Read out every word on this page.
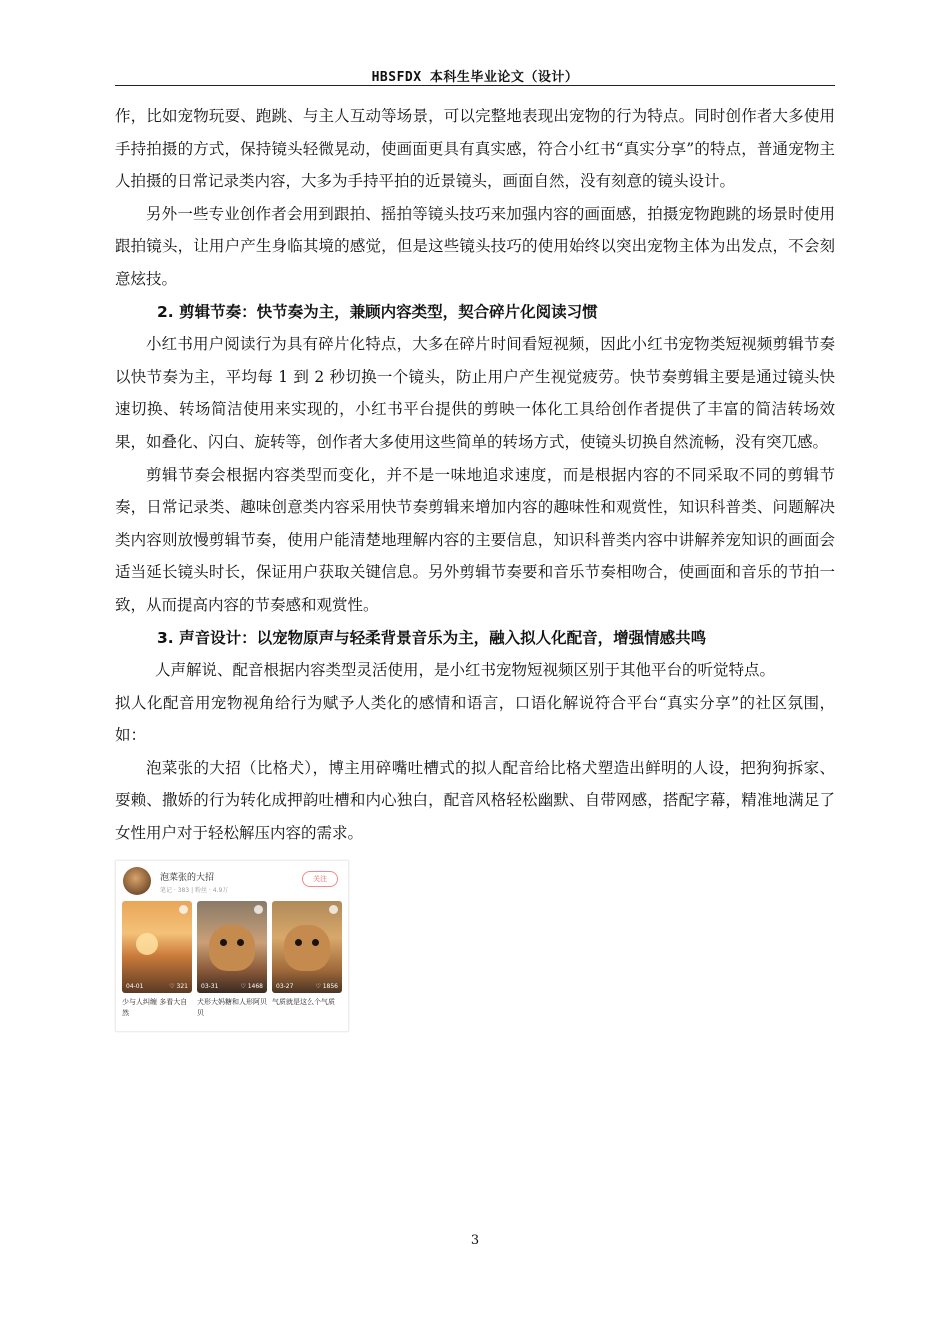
HBSFDX 本科生毕业论文（设计）

作，比如宠物玩耍、跑跳、与主人互动等场景，可以完整地表现出宠物的行为特点。同时创作者大多使用手持拍摄的方式，保持镜头轻微晃动，使画面更具有真实感，符合小红书“真实分享”的特点，普通宠物主人拍摄的日常记录类内容，大多为手持平拍的近景镜头，画面自然，没有刻意的镜头设计。

另外一些专业创作者会用到跟拍、摇拍等镜头技巧来加强内容的画面感，拍摄宠物跑跳的场景时使用跟拍镜头，让用户产生身临其境的感觉，但是这些镜头技巧的使用始终以突出宠物主体为出发点，不会刻意炫技。

2. 剪辑节奏：快节奏为主，兼顾内容类型，契合碎片化阅读习惯

小红书用户阅读行为具有碎片化特点，大多在碎片时间看短视频，因此小红书宠物类短视频剪辑节奏以快节奏为主，平均每 1 到 2 秒切换一个镜头，防止用户产生视觉疲劳。快节奏剪辑主要是通过镜头快速切换、转场简洁使用来实现的，小红书平台提供的剪映一体化工具给创作者提供了丰富的简洁转场效果，如叠化、闪白、旋转等，创作者大多使用这些简单的转场方式，使镜头切换自然流畅，没有突兀感。

剪辑节奏会根据内容类型而变化，并不是一味地追求速度，而是根据内容的不同采取不同的剪辑节奏，日常记录类、趣味创意类内容采用快节奏剪辑来增加内容的趣味性和观赏性，知识科普类、问题解决类内容则放慢剪辑节奏，使用户能清楚地理解内容的主要信息，知识科普类内容中讲解养宠知识的画面会适当延长镜头时长，保证用户获取关键信息。另外剪辑节奏要和音乐节奏相吻合，使画面和音乐的节拍一致，从而提高内容的节奏感和观赏性。

3. 声音设计：以宠物原声与轻柔背景音乐为主，融入拟人化配音，增强情感共鸣

人声解说、配音根据内容类型灵活使用，是小红书宠物短视频区别于其他平台的听觉特点。

拟人化配音用宠物视角给行为赋予人类化的感情和语言，口语化解说符合平台“真实分享”的社区氛围，如：

泡菜张的大招（比格犬），博主用碎嘴吐槽式的拟人配音给比格犬塑造出鲜明的人设，把狗狗拆家、耍赖、撒娇的行为转化成押韵吐槽和内心独白，配音风格轻松幽默、自带网感，搭配字幕，精准地满足了女性用户对于轻松解压内容的需求。

泡菜张的大招
笔记 · 383 | 粉丝 · 4.9万
关注
04-01	♡ 321 03-31	♡ 1468 03-27	♡ 1856
少与人纠缠 多看大自然
犬形大妈糖和人形阿贝贝
气质就是这么个气质
3
